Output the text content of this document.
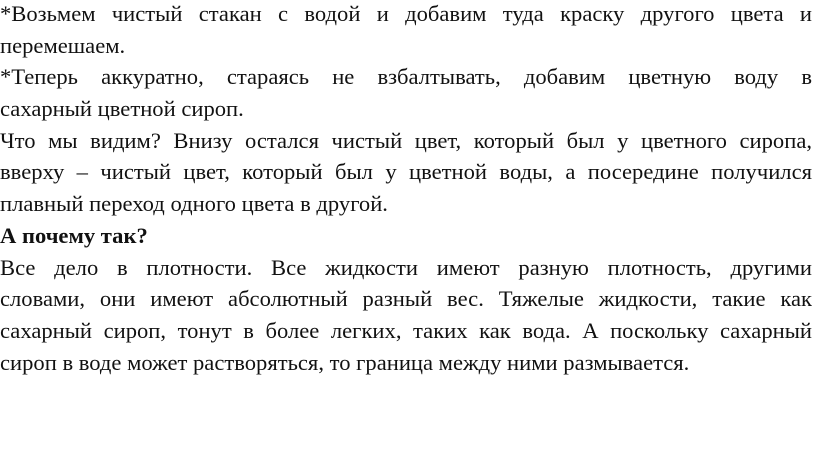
*Возьмем чистый стакан с водой и добавим туда краску другого цвета и
перемешаем.
*Теперь аккуратно, стараясь не взбалтывать, добавим цветную воду в
сахарный цветной сироп.
Что мы видим? Внизу остался чистый цвет, который был у цветного сиропа,
вверху – чистый цвет, который был у цветной воды, а посередине получился
плавный переход одного цвета в другой.
А почему так?
Все дело в плотности. Все жидкости имеют разную плотность, другими
словами, они имеют абсолютный разный вес. Тяжелые жидкости, такие как
сахарный сироп, тонут в более легких, таких как вода. А поскольку сахарный
сироп в воде может растворяться, то граница между ними размывается.
